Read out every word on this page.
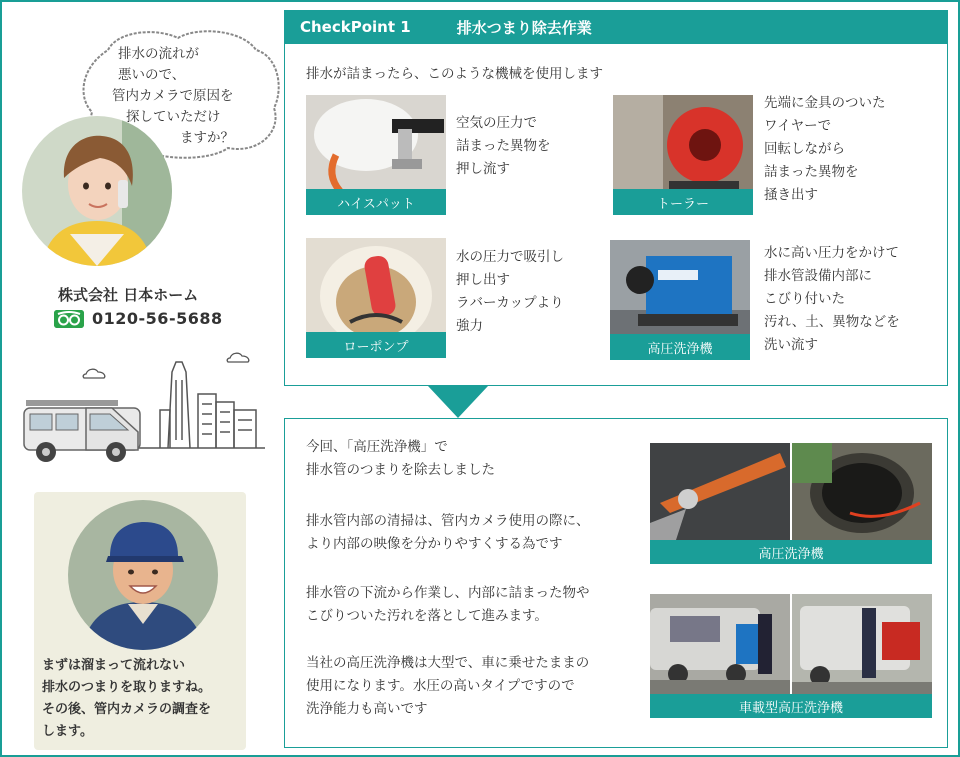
排水の流れが
悪いので、
管内カメラで原因を
探していただけ
ますか？
株式会社 日本ホーム
0120-56-5688
まずは溜まって流れない
排水のつまりを取りますね。
その後、管内カメラの調査を
します。
CheckPoint 1	排水つまり除去作業
排水が詰まったら、このような機械を使用します
ハイスパット
空気の圧力で
詰まった異物を
押し流す
トーラー
先端に金具のついた
ワイヤーで
回転しながら
詰まった異物を
掻き出す
ローポンプ
水の圧力で吸引し
押し出す
ラバーカップより
強力
高圧洗浄機
水に高い圧力をかけて
排水管設備内部に
こびり付いた
汚れ、土、異物などを
洗い流す
今回、「高圧洗浄機」で
排水管のつまりを除去しました
排水管内部の清掃は、管内カメラ使用の際に、
より内部の映像を分かりやすくする為です
排水管の下流から作業し、内部に詰まった物や
こびりついた汚れを落として進みます。
当社の高圧洗浄機は大型で、車に乗せたままの
使用になります。水圧の高いタイプですので
洗浄能力も高いです
高圧洗浄機
車載型高圧洗浄機
